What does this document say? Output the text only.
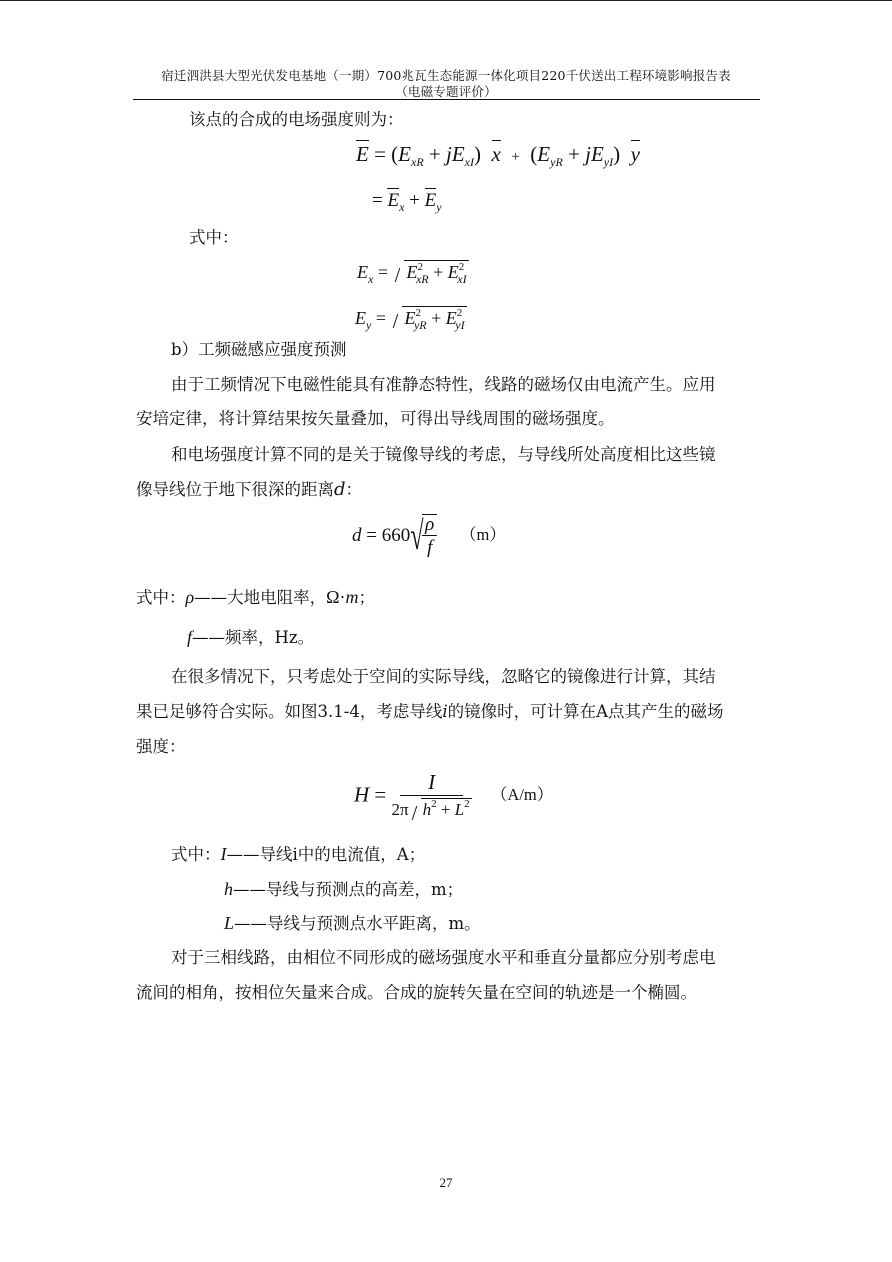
宿迁泗洪县大型光伏发电基地（一期）700兆瓦生态能源一体化项目220千伏送出工程环境影响报告表
（电磁专题评价）
该点的合成的电场强度则为：
$E = (E_{xR} + jE_{xI}) x + (E_{yR} + jE_{yI})$ y
= $E_x + E_y$
式中：
$E_x = E^2_{xR} + E^2_{xI}$
$E_y = E^2_{yR} + E^2_{yI}$
b）工频磁感应强度预测
由于工频情况下电磁性能具有准静态特性，线路的磁场仅由电流产生。应用
安培定律，将计算结果按矢量叠加，可得出导线周围的磁场强度。
和电场强度计算不同的是关于镜像导线的考虑，与导线所处高度相比这些镜
像导线位于地下很深的距离d：
d = 660√
$\frac{\rho}{f} (m)$
式中：ρ——大地电阻率，Ω·m；
f——频率，Hz。
在很多情况下，只考虑处于空间的实际导线，忽略它的镜像进行计算，其结
果已足够符合实际。如图3.1-4，考虑导线i的镜像时，可计算在A点其产生的磁场
强度：
$H = \frac{I}{2\pi h^2 + L^2} (A/m)$
式中：I——导线i中的电流值，A；
h——导线与预测点的高差，m；
L——导线与预测点水平距离，m。
对于三相线路，由相位不同形成的磁场强度水平和垂直分量都应分别考虑电
流间的相角，按相位矢量来合成。合成的旋转矢量在空间的轨迹是一个椭圆。
27
